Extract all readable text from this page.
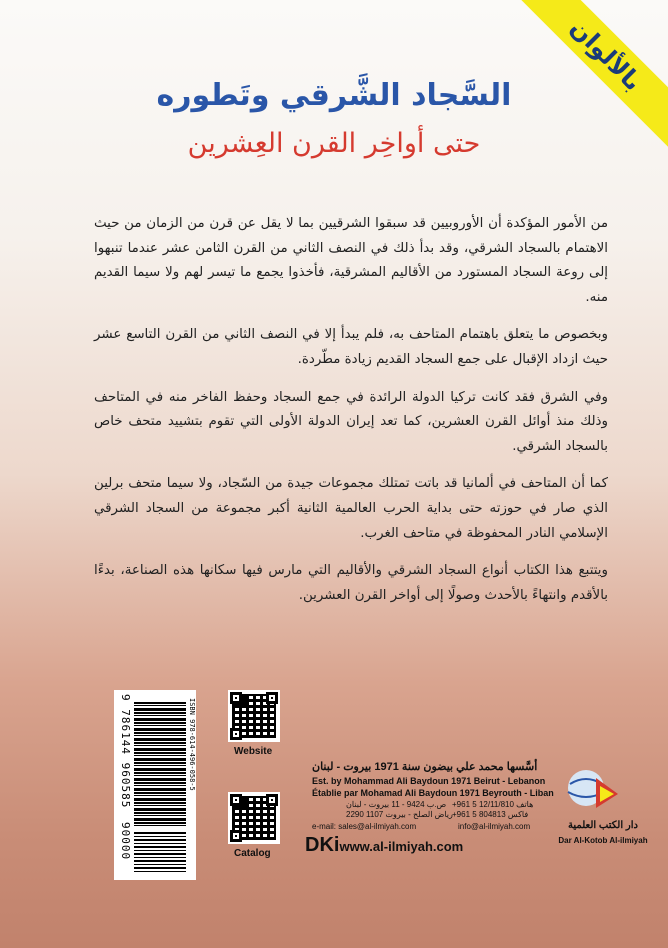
بالألوان
السَّجاد الشَّرقي وتَطوره
حتى أواخِر القرن العِشرين

من الأمور المؤكدة أن الأوروبيين قد سبقوا الشرقيين بما لا يقل عن قرن من الزمان من حيث الاهتمام بالسجاد الشرقي، وقد بدأ ذلك في النصف الثاني من القرن الثامن عشر عندما تنبهوا إلى روعة السجاد المستورد من الأقاليم المشرقية، فأخذوا يجمع ما تيسر لهم ولا سيما القديم منه.

وبخصوص ما يتعلق باهتمام المتاحف به، فلم يبدأ إلا في النصف الثاني من القرن التاسع عشر حيث ازداد الإقبال على جمع السجاد القديم زيادة مطّردة.

وفي الشرق فقد كانت تركيا الدولة الرائدة في جمع السجاد وحفظ الفاخر منه في المتاحف وذلك منذ أوائل القرن العشرين، كما تعد إيران الدولة الأولى التي تقوم بتشييد متحف خاص بالسجاد الشرقي.

كما أن المتاحف في ألمانيا قد باتت تمتلك مجموعات جيدة من السّجاد، ولا سيما متحف برلين الذي صار في حوزته حتى بداية الحرب العالمية الثانية أكبر مجموعة من السجاد الشرقي الإسلامي النادر المحفوظة في متاحف الغرب.

ويتتبع هذا الكتاب أنواع السجاد الشرقي والأقاليم التي مارس فيها سكانها هذه الصناعة، بدءًا بالأقدم وانتهاءً بالأحدث وصولًا إلى أواخر القرن العشرين.

ISBN 978-614-496-058-5
9 786144 960585 90000
Website
Catalog
أسَّسها محمد علي بيضون سنة 1971 بيروت - لبنان
Est. by Mohammad Ali Baydoun 1971 Beirut - Lebanon
Établie par Mohamad Ali Baydoun 1971 Beyrouth - Liban
ص.ب 9424 - 11 بيروت - لبنان هاتف 12/11/810 5 961+
رياض الصلح - بيروت 1107 2290 فاكس 804813 5 961+
e-mail: sales@al-ilmiyah.com	info@al-ilmiyah.com
DKiwww.al-ilmiyah.com
دار الكتب العلمية
Dar Al-Kotob Al-ilmiyah
